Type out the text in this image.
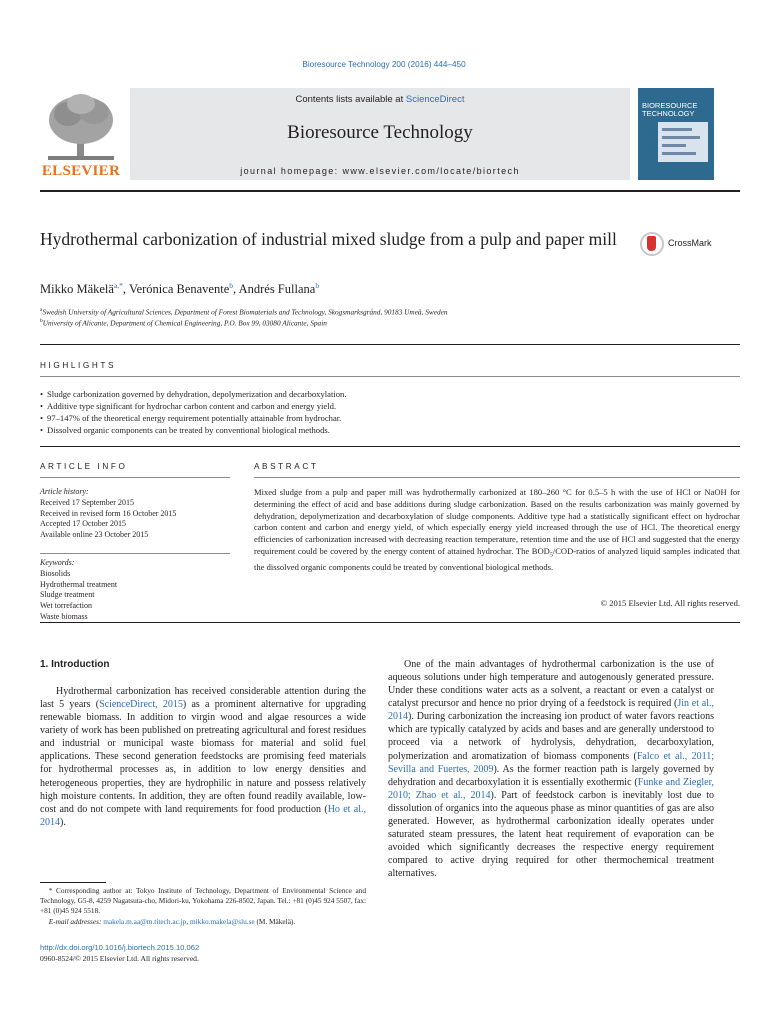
Bioresource Technology 200 (2016) 444–450
ELSEVIER
Contents lists available at ScienceDirect
Bioresource Technology
journal homepage: www.elsevier.com/locate/biortech
BIORESOURCE
TECHNOLOGY
Hydrothermal carbonization of industrial mixed sludge from a pulp and paper mill	CrossMark
Mikko Mäkelä$^{a,*}$, Verónica Benavente$^b$, Andrés Fullana$^b$
$^a$Swedish University of Agricultural Sciences, Department of Forest Biomaterials and Technology, Skogsmarksgränd, 90183 Umeå, Sweden
$^b$University of Alicante, Department of Chemical Engineering, P.O. Box 99, 03080 Alicante, Spain
HIGHLIGHTS
• Sludge carbonization governed by dehydration, depolymerization and decarboxylation.
• Additive type significant for hydrochar carbon content and carbon and energy yield.
• 97–147% of the theoretical energy requirement potentially attainable from hydrochar.
• Dissolved organic components can be treated by conventional biological methods.
ARTICLE INFO
Article history:
Received 17 September 2015
Received in revised form 16 October 2015
Accepted 17 October 2015
Available online 23 October 2015
Keywords:
Biosolids
Hydrothermal treatment
Sludge treatment
Wet torrefaction
Waste biomass
ABSTRACT
Mixed sludge from a pulp and paper mill was hydrothermally carbonized at 180–260 °C for 0.5–5 h with the use of HCl or NaOH for determining the effect of acid and base additions during sludge carbonization. Based on the results carbonization was mainly governed by dehydration, depolymerization and decarboxylation of sludge components. Additive type had a statistically significant effect on hydrochar carbon content and carbon and energy yield, of which especially energy yield increased through the use of HCl. The theoretical energy efficiencies of carbonization increased with decreasing reaction temperature, retention time and the use of HCl and suggested that the energy requirement could be covered by the energy content of attained hydrochar. The $BOD_5/COD$-ratios of analyzed liquid samples indicated that the dissolved organic components could be treated by conventional biological methods.
© 2015 Elsevier Ltd. All rights reserved.
1. Introduction
Hydrothermal carbonization has received considerable attention during the last 5 years (ScienceDirect, 2015) as a prominent alternative for upgrading renewable biomass. In addition to virgin wood and algae resources a wide variety of work has been published on pretreating agricultural and forest residues and industrial or municipal waste biomass for material and solid fuel applications. These second generation feedstocks are promising feed materials for hydrothermal processes as, in addition to low energy densities and heterogeneous properties, they are hydrophilic in nature and possess relatively high moisture contents. In addition, they are often found readily available, low-cost and do not compete with land requirements for food production (Ho et al., 2014).
One of the main advantages of hydrothermal carbonization is the use of aqueous solutions under high temperature and autogenously generated pressure. Under these conditions water acts as a solvent, a reactant or even a catalyst or catalyst precursor and hence no prior drying of a feedstock is required (Jin et al., 2014). During carbonization the increasing ion product of water favors reactions which are typically catalyzed by acids and bases and are generally understood to proceed via a network of hydrolysis, dehydration, decarboxylation, polymerization and aromatization of biomass components (Falco et al., 2011; Sevilla and Fuertes, 2009). As the former reaction path is largely governed by dehydration and decarboxylation it is essentially exothermic (Funke and Ziegler, 2010; Zhao et al., 2014). Part of feedstock carbon is inevitably lost due to dissolution of organics into the aqueous phase as minor quantities of gas are also generated. However, as hydrothermal carbonization ideally operates under saturated steam pressures, the latent heat requirement of evaporation can be avoided which significantly decreases the respective energy requirement compared to active drying required for other thermochemical treatment alternatives.
* Corresponding author at: Tokyo Institute of Technology, Department of Environmental Science and Technology, G5-8, 4259 Nagatsuta-cho, Midori-ku, Yokohama 226-8502, Japan. Tel.: +81 (0)45 924 5507, fax: +81 (0)45 924 5518.
E-mail addresses: makela.m.aa@m.titech.ac.jp, mikko.makela@slu.se (M. Mäkelä).
http://dx.doi.org/10.1016/j.biortech.2015.10.062
0960-8524/© 2015 Elsevier Ltd. All rights reserved.
